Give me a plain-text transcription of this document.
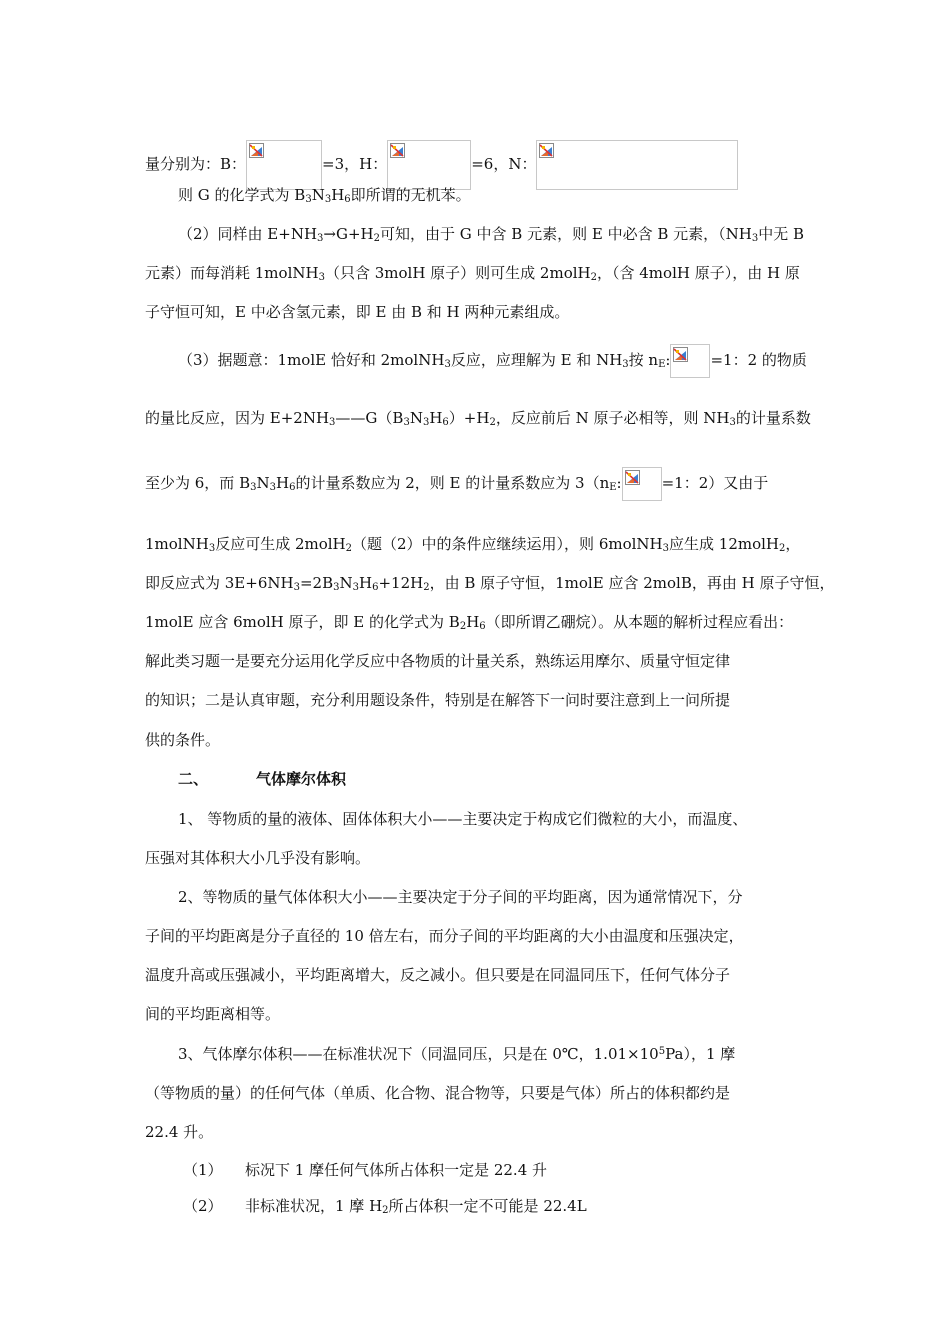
量分别为：B：	=3，H：	=6，N：
则 G 的化学式为 $B_3N_3H_6$即所谓的无机苯。
（2）同样由 $E+NH_3\to G+H_2$可知，由于 G 中含 B 元素，则 E 中必含 B 元素，（$NH_3$中无 B
元素）而每消耗 1molNH$_3$（只含 3molH 原子）则可生成 2molH$_2$，（含 4molH 原子），由 H 原
子守恒可知，E 中必含氢元素，即 E 由 B 和 H 两种元素组成。
（3）据题意：1molE 恰好和 2molNH$_3$反应，应理解为 E 和 $NH_3$按 $n_E$:	=1：2 的物质
的量比反应，因为 $E+2NH_3——G(B_3N_3H_6)+H_2$，反应前后 N 原子必相等，则 $NH_3$的计量系数
至少为 6，而 $B_3N_3H_6$的计量系数应为 2，则 E 的计量系数应为 $3(n_E$:	=1：2）又由于
1molNH$_3$反应可生成 2molH$_2$（题（2）中的条件应继续运用），则 6molNH$_3$应生成 12molH$_2$，
即反应式为 $3E+6NH_3=2B_3N_3H_6+12H_2$，由 B 原子守恒，1molE 应含 2molB，再由 H 原子守恒，
1molE 应含 6molH 原子，即 E 的化学式为 $B_2H_6$（即所谓乙硼烷）。从本题的解析过程应看出：
解此类习题一是要充分运用化学反应中各物质的计量关系，熟练运用摩尔、质量守恒定律
的知识；二是认真审题，充分利用题设条件，特别是在解答下一问时要注意到上一问所提
供的条件。
二、	气体摩尔体积
1、 等物质的量的液体、固体体积大小——主要决定于构成它们微粒的大小，而温度、
压强对其体积大小几乎没有影响。
2、等物质的量气体体积大小——主要决定于分子间的平均距离，因为通常情况下，分
子间的平均距离是分子直径的 10 倍左右，而分子间的平均距离的大小由温度和压强决定，
温度升高或压强减小，平均距离增大，反之减小。但只要是在同温同压下，任何气体分子
间的平均距离相等。
3、气体摩尔体积——在标准状况下（同温同压，只是在 0℃，$1.01\times 10^5Pa$），1 摩
（等物质的量）的任何气体（单质、化合物、混合物等，只要是气体）所占的体积都约是
22.4 升。
（1） 标况下 1 摩任何气体所占体积一定是 22.4 升
（2） 非标准状况，1 摩 $H_2$所占体积一定不可能是 22.4L
